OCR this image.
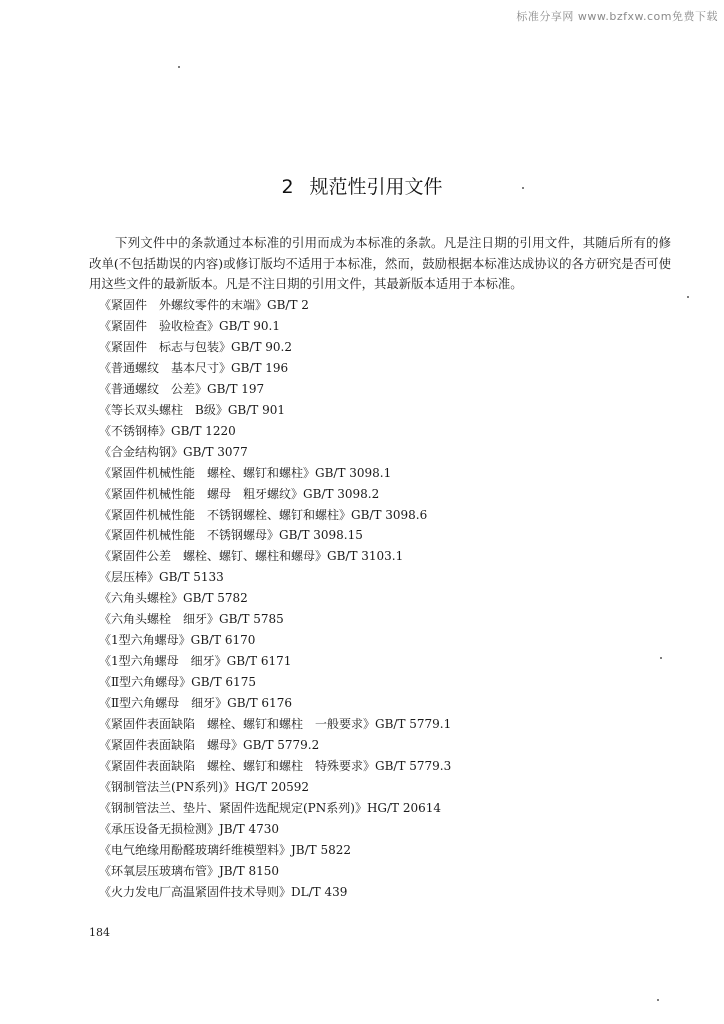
标准分享网 www.bzfxw.com免费下载
2 规范性引用文件

下列文件中的条款通过本标准的引用而成为本标准的条款。凡是注日期的引用文件，其随后所有的修改单(不包括勘误的内容)或修订版均不适用于本标准，然而，鼓励根据本标准达成协议的各方研究是否可使用这些文件的最新版本。凡是不注日期的引用文件，其最新版本适用于本标准。

《紧固件　外螺纹零件的末端》GB/T 2
《紧固件　验收检查》GB/T 90.1
《紧固件　标志与包装》GB/T 90.2
《普通螺纹　基本尺寸》GB/T 196
《普通螺纹　公差》GB/T 197
《等长双头螺柱　B级》GB/T 901
《不锈钢棒》GB/T 1220
《合金结构钢》GB/T 3077
《紧固件机械性能　螺栓、螺钉和螺柱》GB/T 3098.1
《紧固件机械性能　螺母　粗牙螺纹》GB/T 3098.2
《紧固件机械性能　不锈钢螺栓、螺钉和螺柱》GB/T 3098.6
《紧固件机械性能　不锈钢螺母》GB/T 3098.15
《紧固件公差　螺栓、螺钉、螺柱和螺母》GB/T 3103.1
《层压棒》GB/T 5133
《六角头螺栓》GB/T 5782
《六角头螺栓　细牙》GB/T 5785
《1型六角螺母》GB/T 6170
《1型六角螺母　细牙》GB/T 6171
《Ⅱ型六角螺母》GB/T 6175
《Ⅱ型六角螺母　细牙》GB/T 6176
《紧固件表面缺陷　螺栓、螺钉和螺柱　一般要求》GB/T 5779.1
《紧固件表面缺陷　螺母》GB/T 5779.2
《紧固件表面缺陷　螺栓、螺钉和螺柱　特殊要求》GB/T 5779.3
《钢制管法兰(PN系列)》HG/T 20592
《钢制管法兰、垫片、紧固件选配规定(PN系列)》HG/T 20614
《承压设备无损检测》JB/T 4730
《电气绝缘用酚醛玻璃纤维模塑料》JB/T 5822
《环氧层压玻璃布管》JB/T 8150
《火力发电厂高温紧固件技术导则》DL/T 439
184
